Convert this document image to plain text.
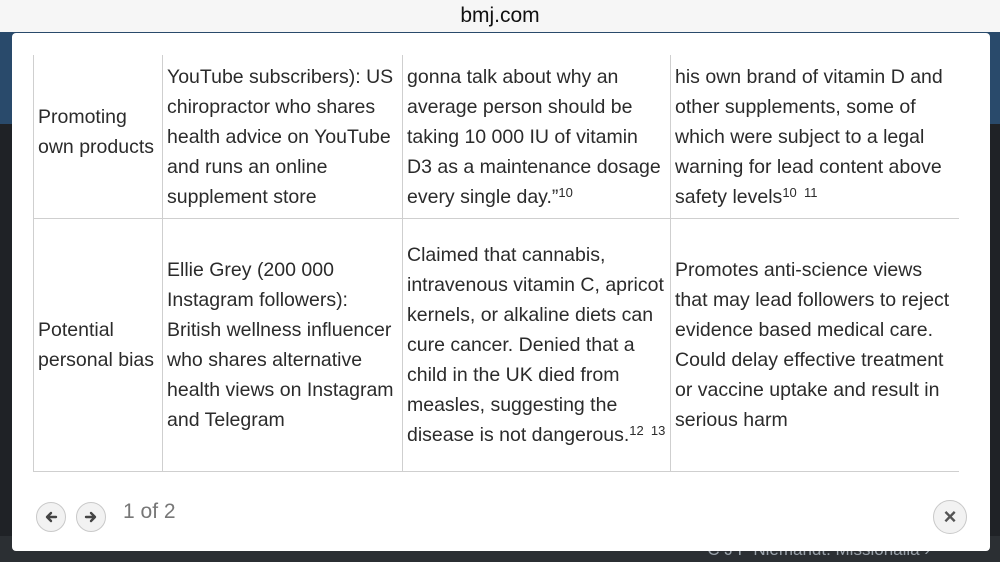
bmj.com
Promoting own products	YouTube subscribers): US chiropractor who shares health advice on YouTube and runs an online supplement store	gonna talk about why an average person should be taking 10 000 IU of vitamin D3 as a maintenance dosage every single day.”$^{10}$	his own brand of vitamin D and other supplements, some of which were subject to a legal warning for lead content above safety levels$^{10 11}$
Potential personal bias	Ellie Grey (200 000 Instagram followers): British wellness influencer who shares alternative health views on Instagram and Telegram	Claimed that cannabis, intravenous vitamin C, apricot kernels, or alkaline diets can cure cancer. Denied that a child in the UK died from measles, suggesting the disease is not dangerous.$^{12 13}$	Promotes anti-science views that may lead followers to reject evidence based medical care. Could delay effective treatment or vaccine uptake and result in serious harm
1 of 2	×
